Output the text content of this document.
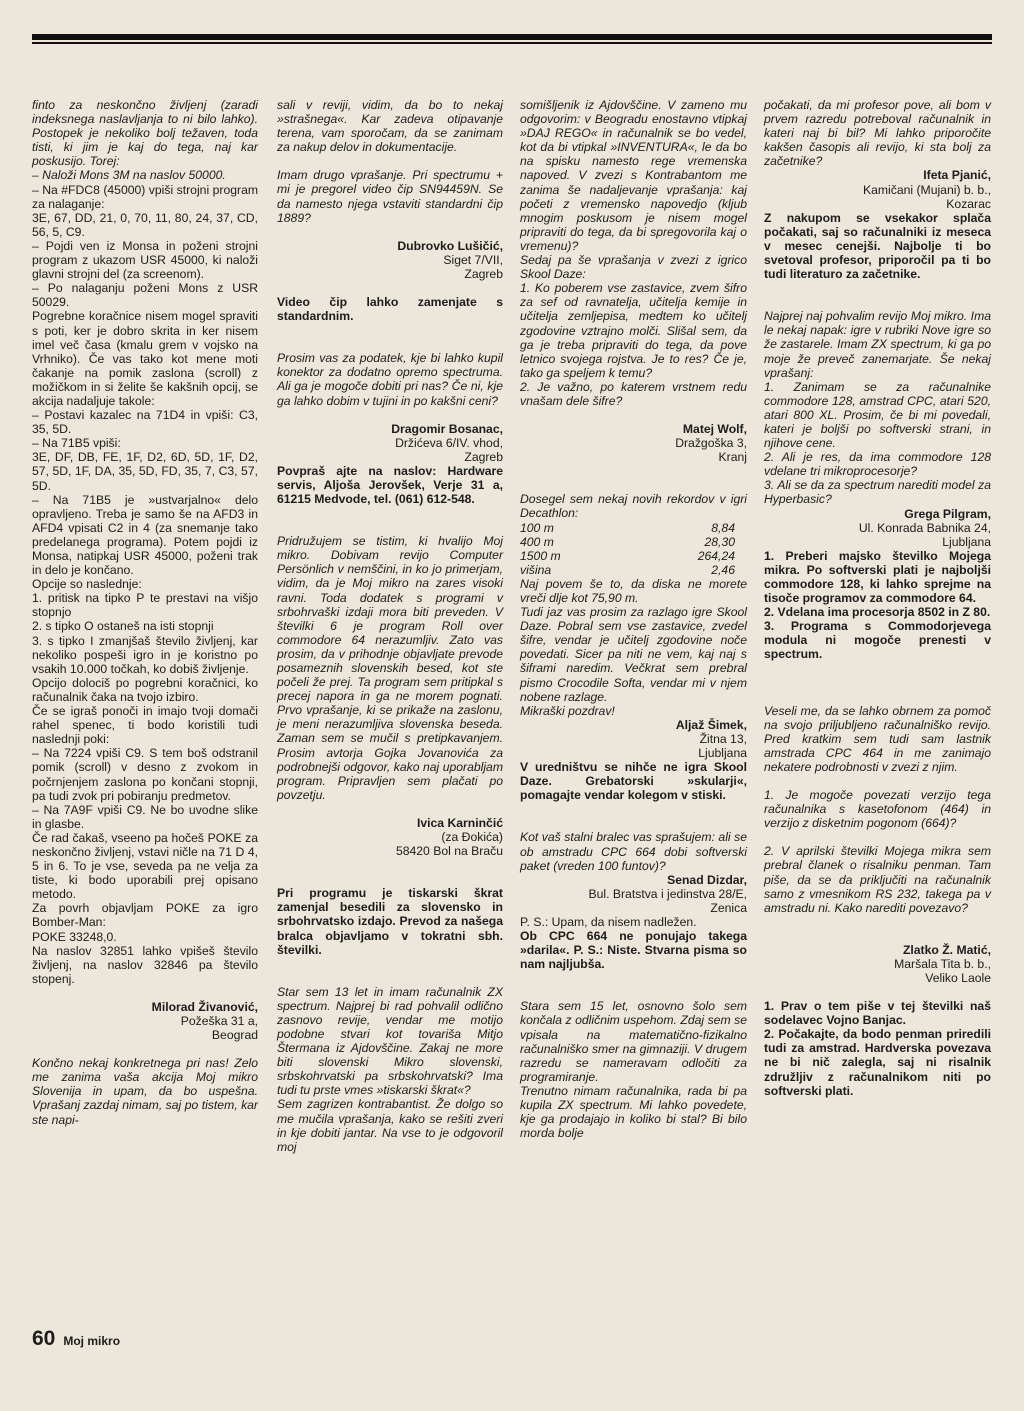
finto za neskončno življenj (zaradi indeksnega naslavljanja to ni bilo lahko). Postopek je nekoliko bolj težaven, toda tisti, ki jim je kaj do tega, naj kar poskusijo. Torej:

– Naloži Mons 3M na naslov 50000.

– Na #FDC8 (45000) vpiši strojni program za nalaganje:

3E, 67, DD, 21, 0, 70, 11, 80, 24, 37, CD, 56, 5, C9.

– Pojdi ven iz Monsa in poženi strojni program z ukazom USR 45000, ki naloži glavni strojni del (za screenom).

– Po nalaganju poženi Mons z USR 50029.

Pogrebne koračnice nisem mogel spraviti s poti, ker je dobro skrita in ker nisem imel več časa (kmalu grem v vojsko na Vrhniko). Če vas tako kot mene moti čakanje na pomik zaslona (scroll) z možičkom in si želite še kakšnih opcij, se akcija nadaljuje takole:

– Postavi kazalec na 71D4 in vpiši: C3, 35, 5D.

– Na 71B5 vpiši:

3E, DF, DB, FE, 1F, D2, 6D, 5D, 1F, D2, 57, 5D, 1F, DA, 35, 5D, FD, 35, 7, C3, 57, 5D.

– Na 71B5 je »ustvarjalno« delo opravljeno. Treba je samo še na AFD3 in AFD4 vpisati C2 in 4 (za snemanje tako predelanega programa). Potem pojdi iz Monsa, natipkaj USR 45000, poženi trak in delo je končano.

Opcije so naslednje:

1. pritisk na tipko P te prestavi na višjo stopnjo

2. s tipko O ostaneš na isti stopnji

3. s tipko I zmanjšaš število življenj, kar nekoliko pospeši igro in je koristno po vsakih 10.000 točkah, ko dobiš življenje.

Opcijo dolociš po pogrebni koračnici, ko računalnik čaka na tvojo izbiro.

Če se igraš ponoči in imajo tvoji domači rahel spenec, ti bodo koristili tudi naslednji poki:

– Na 7224 vpiši C9. S tem boš odstranil pomik (scroll) v desno z zvokom in počrnjenjem zaslona po končani stopnji, pa tudi zvok pri pobiranju predmetov.

– Na 7A9F vpiši C9. Ne bo uvodne slike in glasbe.

Če rad čakaš, vseeno pa hočeš POKE za neskončno življenj, vstavi ničle na 71 D 4, 5 in 6. To je vse, seveda pa ne velja za tiste, ki bodo uporabili prej opisano metodo.

Za povrh objavljam POKE za igro Bomber-Man:

POKE 33248,0.

Na naslov 32851 lahko vpišeš število življenj, na naslov 32846 pa število stopenj.

Milorad Živanović,

Požeška 31 a,

Beograd

Končno nekaj konkretnega pri nas! Zelo me zanima vaša akcija Moj mikro Slovenija in upam, da bo uspešna. Vprašanj zazdaj nimam, saj po tistem, kar ste napi-

sali v reviji, vidim, da bo to nekaj »strašnega«. Kar zadeva otipavanje terena, vam sporočam, da se zanimam za nakup delov in dokumentacije.

Imam drugo vprašanje. Pri spectrumu + mi je pregorel video čip SN94459N. Se da namesto njega vstaviti standardni čip 1889?

Dubrovko Lušičić,

Siget 7/VII,

Zagreb

Video čip lahko zamenjate s standardnim.

Prosim vas za podatek, kje bi lahko kupil konektor za dodatno opremo spectruma. Ali ga je mogoče dobiti pri nas? Če ni, kje ga lahko dobim v tujini in po kakšni ceni?

Dragomir Bosanac,

Držićeva 6/IV. vhod,

Zagreb

Povpraš ajte na naslov: Hardware servis, Aljoša Jerovšek, Verje 31 a, 61215 Medvode, tel. (061) 612-548.

Pridružujem se tistim, ki hvalijo Moj mikro. Dobivam revijo Computer Persönlich v nemščini, in ko jo primerjam, vidim, da je Moj mikro na zares visoki ravni. Toda dodatek s programi v srbohrvaški izdaji mora biti preveden. V številki 6 je program Roll over commodore 64 nerazumljiv. Zato vas prosim, da v prihodnje objavljate prevode posameznih slovenskih besed, kot ste počeli že prej. Ta program sem pritipkal s precej napora in ga ne morem pognati. Prvo vprašanje, ki se prikaže na zaslonu, je meni nerazumljiva slovenska beseda. Zaman sem se mučil s pretipkavanjem. Prosim avtorja Gojka Jovanovića za podrobnejši odgovor, kako naj uporabljam program. Pripravljen sem plačati po povzetju.

Ivica Karninčić

(za Đokića)

58420 Bol na Braču

Pri programu je tiskarski škrat zamenjal besedili za slovensko in srbohrvatsko izdajo. Prevod za našega bralca objavljamo v tokratni sbh. številki.

Star sem 13 let in imam računalnik ZX spectrum. Najprej bi rad pohvalil odlično zasnovo revije, vendar me motijo podobne stvari kot tovariša Mitjo Štermana iz Ajdovščine. Zakaj ne more biti slovenski Mikro slovenski, srbskohrvatski pa srbskohrvatski? Ima tudi tu prste vmes »tiskarski škrat«?

Sem zagrizen kontrabantist. Že dolgo so me mučila vprašanja, kako se rešiti zveri in kje dobiti jantar. Na vse to je odgovoril moj

somišljenik iz Ajdovščine. V zameno mu odgovorim: v Beogradu enostavno vtipkaj »DAJ REGO« in računalnik se bo vedel, kot da bi vtipkal »INVENTURA«, le da bo na spisku namesto rege vremenska napoved. V zvezi s Kontrabantom me zanima še nadaljevanje vprašanja: kaj početi z vremensko napovedjo (kljub mnogim poskusom je nisem mogel pripraviti do tega, da bi spregovorila kaj o vremenu)?

Sedaj pa še vprašanja v zvezi z igrico Skool Daze:

1. Ko poberem vse zastavice, zvem šifro za sef od ravnatelja, učitelja kemije in učitelja zemljepisa, medtem ko učitelj zgodovine vztrajno molči. Slišal sem, da ga je treba pripraviti do tega, da pove letnico svojega rojstva. Je to res? Če je, tako ga speljem k temu?

2. Je važno, po katerem vrstnem redu vnašam dele šifre?

Matej Wolf,

Dražgoška 3,

Kranj

Dosegel sem nekaj novih rekordov v igri Decathlon:

100 m	8,84
400 m	28,30
1500 m	264,24
višina	2,46

Naj povem še to, da diska ne morete vreči dlje kot 75,90 m.

Tudi jaz vas prosim za razlago igre Skool Daze. Pobral sem vse zastavice, zvedel šifre, vendar je učitelj zgodovine noče povedati. Sicer pa niti ne vem, kaj naj s šiframi naredim. Večkrat sem prebral pismo Crocodile Softa, vendar mi v njem nobene razlage.

Mikraški pozdrav!

Aljaž Šimek,

Žitna 13,

Ljubljana

V uredništvu se nihče ne igra Skool Daze. Grebatorski »skularji«, pomagajte vendar kolegom v stiski.

Kot vaš stalni bralec vas sprašujem: ali se ob amstradu CPC 664 dobi softverski paket (vreden 100 funtov)?

Senad Dizdar,

Bul. Bratstva i jedinstva 28/E,

Zenica

P. S.: Upam, da nisem nadležen.

Ob CPC 664 ne ponujajo takega »darila«. P. S.: Niste. Stvarna pisma so nam najljubša.

Stara sem 15 let, osnovno šolo sem končala z odličnim uspehom. Zdaj sem se vpisala na matematično-fizikalno računalniško smer na gimnaziji. V drugem razredu se nameravam odločiti za programiranje.

Trenutno nimam računalnika, rada bi pa kupila ZX spectrum. Mi lahko povedete, kje ga prodajajo in koliko bi stal? Bi bilo morda bolje

počakati, da mi profesor pove, ali bom v prvem razredu potreboval računalnik in kateri naj bi bil? Mi lahko priporočite kakšen časopis ali revijo, ki sta bolj za začetnike?

Ifeta Pjanić,

Kamičani (Mujani) b. b.,

Kozarac

Z nakupom se vsekakor splača počakati, saj so računalniki iz meseca v mesec cenejši. Najbolje ti bo svetoval profesor, priporočil pa ti bo tudi literaturo za začetnike.

Najprej naj pohvalim revijo Moj mikro. Ima le nekaj napak: igre v rubriki Nove igre so že zastarele. Imam ZX spectrum, ki ga po moje že preveč zanemarjate. Še nekaj vprašanj:

1. Zanimam se za računalnike commodore 128, amstrad CPC, atari 520, atari 800 XL. Prosim, če bi mi povedali, kateri je boljši po softverski strani, in njihove cene.

2. Ali je res, da ima commodore 128 vdelane tri mikroprocesorje?

3. Ali se da za spectrum narediti model za Hyperbasic?

Grega Pilgram,

Ul. Konrada Babnika 24,

Ljubljana

1. Preberi majsko številko Mojega mikra. Po softverski plati je najboljši commodore 128, ki lahko sprejme na tisoče programov za commodore 64.

2. Vdelana ima procesorja 8502 in Z 80.

3. Programa s Commodorjevega modula ni mogoče prenesti v spectrum.

Veseli me, da se lahko obrnem za pomoč na svojo priljubljeno računalniško revijo. Pred kratkim sem tudi sam lastnik amstrada CPC 464 in me zanimajo nekatere podrobnosti v zvezi z njim.

1. Je mogoče povezati verzijo tega računalnika s kasetofonom (464) in verzijo z disketnim pogonom (664)?

2. V aprilski številki Mojega mikra sem prebral članek o risalniku penman. Tam piše, da se da priključiti na računalnik samo z vmesnikom RS 232, takega pa v amstradu ni. Kako narediti povezavo?

Zlatko Ž. Matić,

Maršala Tita b. b.,

Veliko Laole

1. Prav o tem piše v tej številki naš sodelavec Vojno Banjac.

2. Počakajte, da bodo penman priredili tudi za amstrad. Hardverska povezava ne bi nič zalegla, saj ni risalnik združljiv z računalnikom niti po softverski plati.

60 Moj mikro
